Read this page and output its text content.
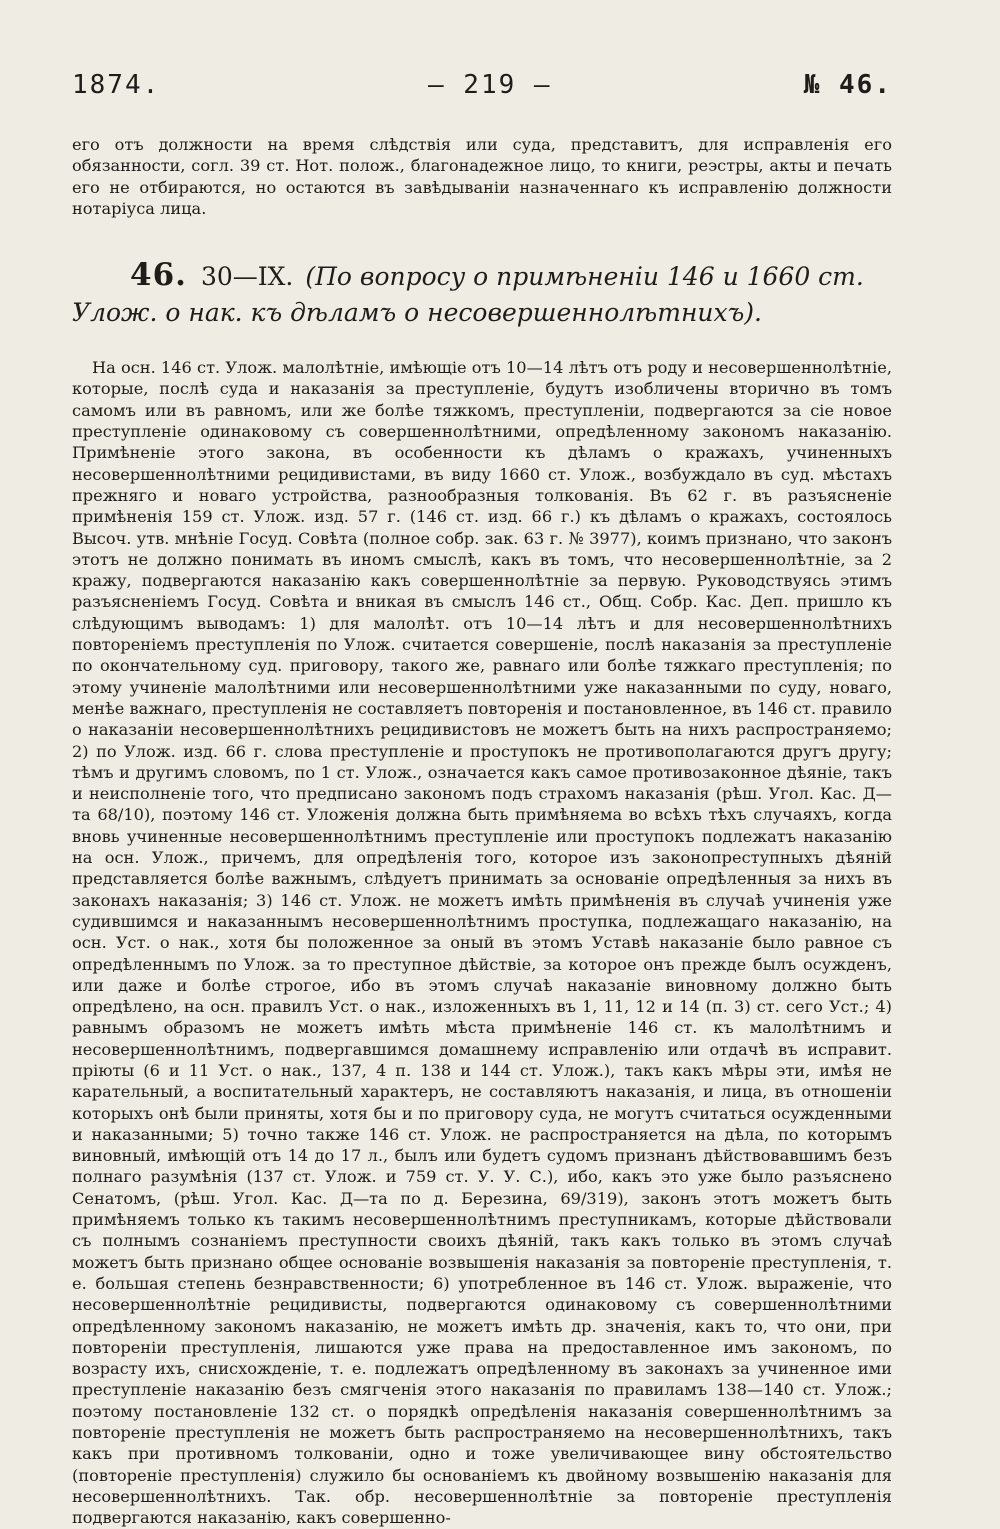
1874.	— 219 —	№ 46.

его отъ должности на время слѣдствія или суда, представитъ, для исправленія его обязанности, согл. 39 ст. Нот. полож., благонадежное лицо, то книги, реэстры, акты и печать его не отбираются, но остаются въ завѣдываніи назначеннаго къ исправленію должности нотаріуса лица.

46. 30—IX. (По вопросу о примѣненіи 146 и 1660 ст. Улож. о нак. къ дѣламъ о несовершеннолѣтнихъ).

На осн. 146 ст. Улож. малолѣтніе, имѣющіе отъ 10—14 лѣтъ отъ роду и несовершеннолѣтніе, которые, послѣ суда и наказанія за преступленіе, будутъ изобличены вторично въ томъ самомъ или въ равномъ, или же болѣе тяжкомъ, преступленіи, подвергаются за сіе новое преступленіе одинаковому съ совершеннолѣтними, опредѣленному закономъ наказанію. Примѣненіе этого закона, въ особенности къ дѣламъ о кражахъ, учиненныхъ несовершеннолѣтними рецидивистами, въ виду 1660 ст. Улож., возбуждало въ суд. мѣстахъ прежняго и новаго устройства, разнообразныя толкованія. Въ 62 г. въ разъясненіе примѣненія 159 ст. Улож. изд. 57 г. (146 ст. изд. 66 г.) къ дѣламъ о кражахъ, состоялось Высоч. утв. мнѣніе Госуд. Совѣта (полное собр. зак. 63 г. № 3977), коимъ признано, что законъ этотъ не должно понимать въ иномъ смыслѣ, какъ въ томъ, что несовершеннолѣтніе, за 2 кражу, подвергаются наказанію какъ совершеннолѣтніе за первую. Руководствуясь этимъ разъясненіемъ Госуд. Совѣта и вникая въ смыслъ 146 ст., Общ. Собр. Кас. Деп. пришло къ слѣдующимъ выводамъ: 1) для малолѣт. отъ 10—14 лѣтъ и для несовершеннолѣтнихъ повтореніемъ преступленія по Улож. считается совершеніе, послѣ наказанія за преступленіе по окончательному суд. приговору, такого же, равнаго или болѣе тяжкаго преступленія; по этому учиненіе малолѣтними или несовершеннолѣтними уже наказанными по суду, новаго, менѣе важнаго, преступленія не составляетъ повторенія и постановленное, въ 146 ст. правило о наказаніи несовершеннолѣтнихъ рецидивистовъ не можетъ быть на нихъ распространяемо; 2) по Улож. изд. 66 г. слова преступленіе и проступокъ не противополагаются другъ другу; тѣмъ и другимъ словомъ, по 1 ст. Улож., означается какъ самое противозаконное дѣяніе, такъ и неисполненіе того, что предписано закономъ подъ страхомъ наказанія (рѣш. Угол. Кас. Д—та 68/10), поэтому 146 ст. Уложенія должна быть примѣняема во всѣхъ тѣхъ случаяхъ, когда вновь учиненные несовершеннолѣтнимъ преступленіе или проступокъ подлежатъ наказанію на осн. Улож., причемъ, для опредѣленія того, которое изъ законопреступныхъ дѣяній представляется болѣе важнымъ, слѣдуетъ принимать за основаніе опредѣленныя за нихъ въ законахъ наказанія; 3) 146 ст. Улож. не можетъ имѣть примѣненія въ случаѣ учиненія уже судившимся и наказаннымъ несовершеннолѣтнимъ проступка, подлежащаго наказанію, на осн. Уст. о нак., хотя бы положенное за оный въ этомъ Уставѣ наказаніе было равное съ опредѣленнымъ по Улож. за то преступное дѣйствіе, за которое онъ прежде былъ осужденъ, или даже и болѣе строгое, ибо въ этомъ случаѣ наказаніе виновному должно быть опредѣлено, на осн. правилъ Уст. о нак., изложенныхъ въ 1, 11, 12 и 14 (п. 3) ст. сего Уст.; 4) равнымъ образомъ не можетъ имѣть мѣста примѣненіе 146 ст. къ малолѣтнимъ и несовершеннолѣтнимъ, подвергавшимся домашнему исправленію или отдачѣ въ исправит. пріюты (6 и 11 Уст. о нак., 137, 4 п. 138 и 144 ст. Улож.), такъ какъ мѣры эти, имѣя не карательный, а воспитательный характеръ, не составляютъ наказанія, и лица, въ отношеніи которыхъ онѣ были приняты, хотя бы и по приговору суда, не могутъ считаться осужденными и наказанными; 5) точно также 146 ст. Улож. не распространяется на дѣла, по которымъ виновный, имѣющій отъ 14 до 17 л., былъ или будетъ судомъ признанъ дѣйствовавшимъ безъ полнаго разумѣнія (137 ст. Улож. и 759 ст. У. У. С.), ибо, какъ это уже было разъяснено Сенатомъ, (рѣш. Угол. Кас. Д—та по д. Березина, 69/319), законъ этотъ можетъ быть примѣняемъ только къ такимъ несовершеннолѣтнимъ преступникамъ, которые дѣйствовали съ полнымъ сознаніемъ преступности своихъ дѣяній, такъ какъ только въ этомъ случаѣ можетъ быть признано общее основаніе возвышенія наказанія за повтореніе преступленія, т. е. большая степень безнравственности; 6) употребленное въ 146 ст. Улож. выраженіе, что несовершеннолѣтніе рецидивисты, подвергаются одинаковому съ совершеннолѣтними опредѣленному закономъ наказанію, не можетъ имѣть др. значенія, какъ то, что они, при повтореніи преступленія, лишаются уже права на предоставленное имъ закономъ, по возрасту ихъ, снисхожденіе, т. е. подлежатъ опредѣленному въ законахъ за учиненное ими преступленіе наказанію безъ смягченія этого наказанія по правиламъ 138—140 ст. Улож.; поэтому постановленіе 132 ст. о порядкѣ опредѣленія наказанія совершеннолѣтнимъ за повтореніе преступленія не можетъ быть распространяемо на несовершеннолѣтнихъ, такъ какъ при противномъ толкованіи, одно и тоже увеличивающее вину обстоятельство (повтореніе преступленія) служило бы основаніемъ къ двойному возвышенію наказанія для несовершеннолѣтнихъ. Так. обр. несовершеннолѣтніе за повтореніе преступленія подвергаются наказанію, какъ совершенно-
